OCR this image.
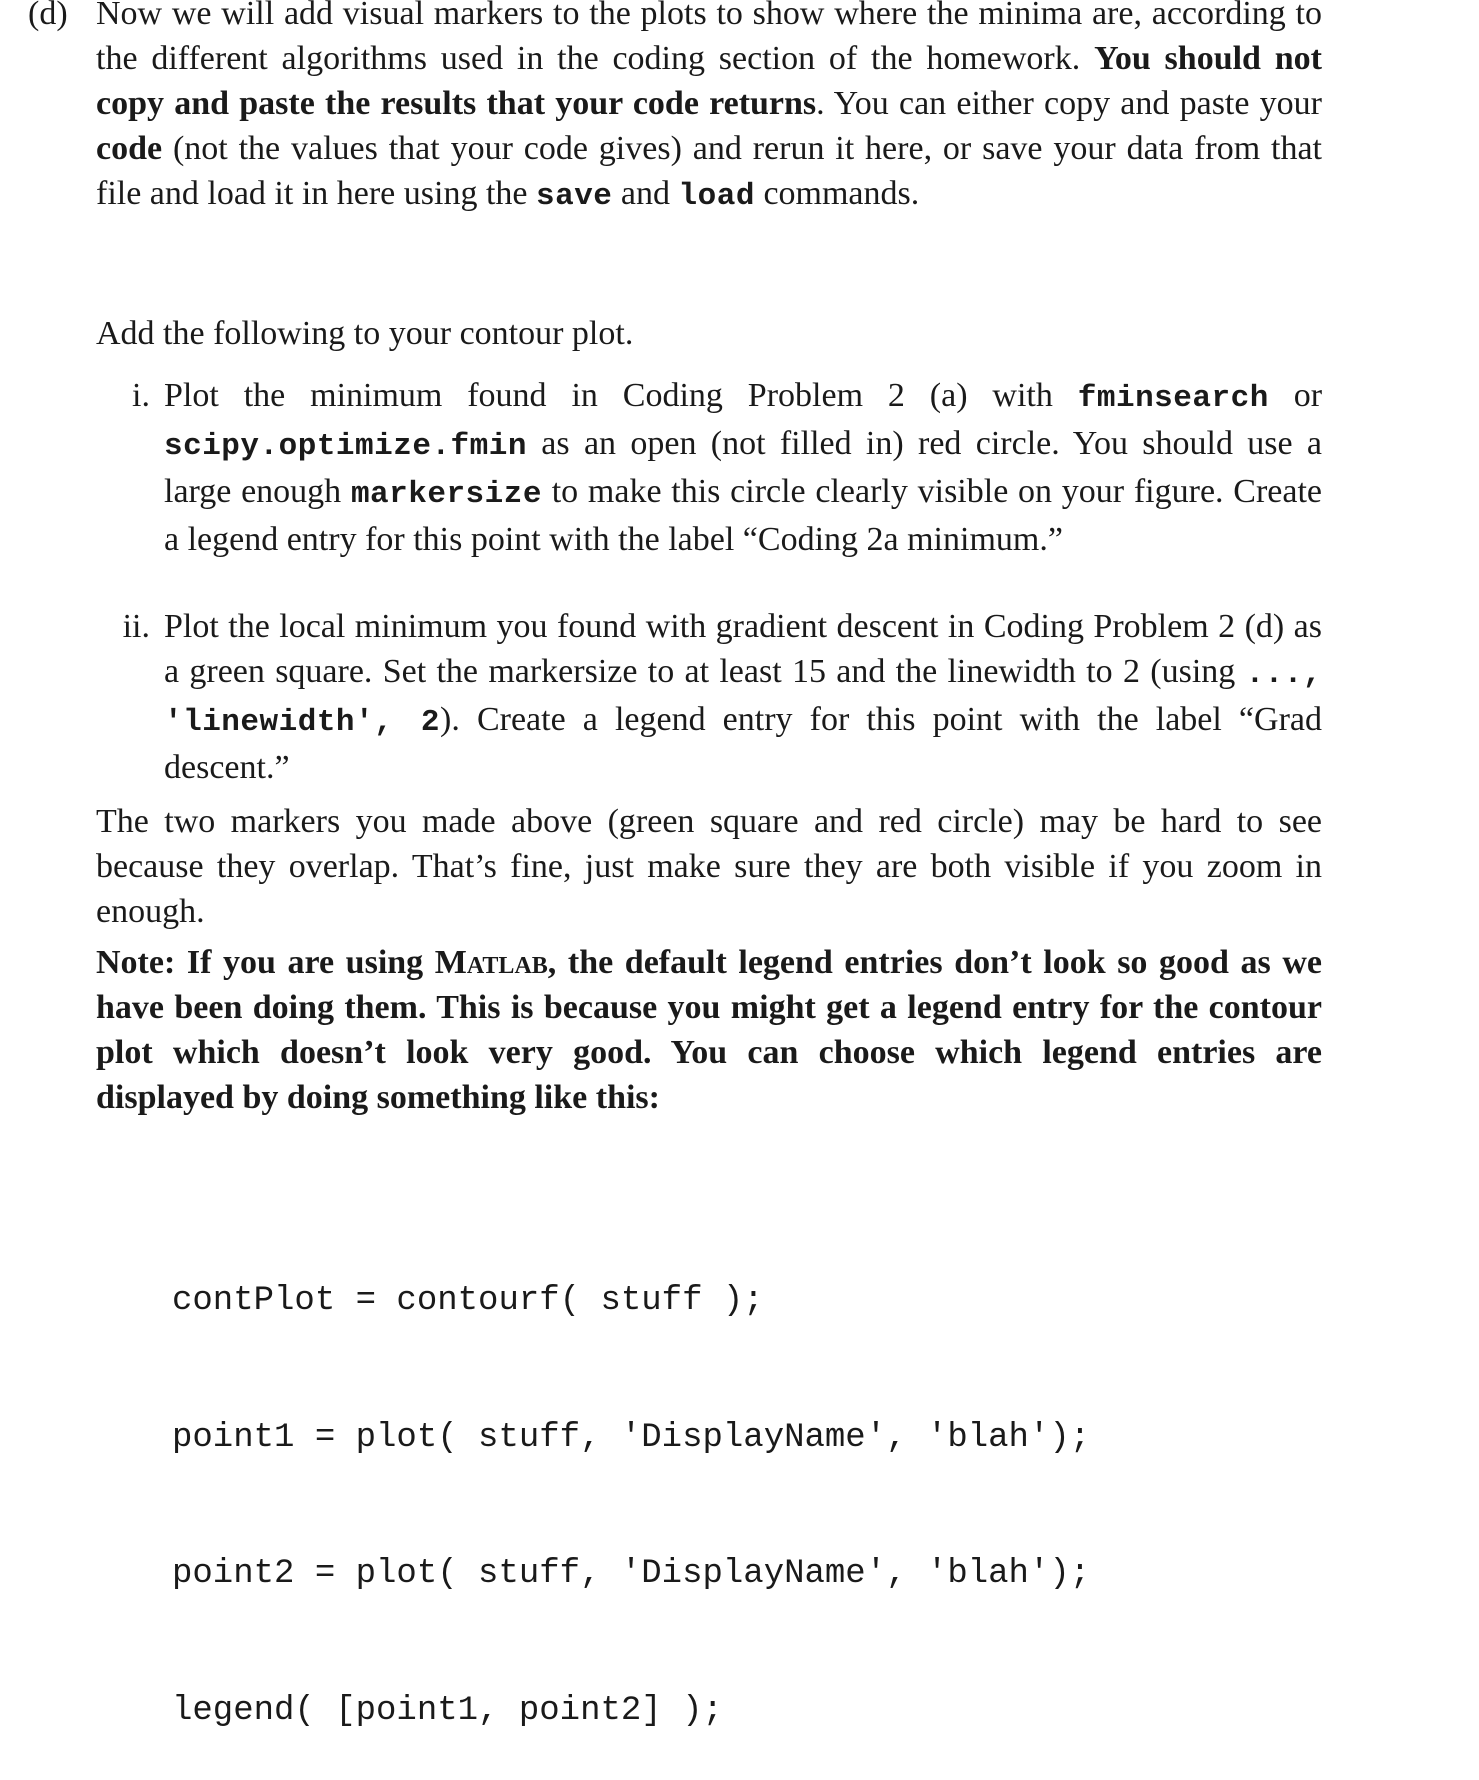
(d) Now we will add visual markers to the plots to show where the minima are, according to the different algorithms used in the coding section of the homework. You should not copy and paste the results that your code returns. You can either copy and paste your code (not the values that your code gives) and rerun it here, or save your data from that file and load it in here using the save and load commands.
Add the following to your contour plot.
i. Plot the minimum found in Coding Problem 2 (a) with fminsearch or scipy.optimize.fmin as an open (not filled in) red circle. You should use a large enough markersize to make this circle clearly visible on your figure. Create a legend entry for this point with the label “Coding 2a minimum.”
ii. Plot the local minimum you found with gradient descent in Coding Problem 2 (d) as a green square. Set the markersize to at least 15 and the linewidth to 2 (using ..., 'linewidth', 2). Create a legend entry for this point with the label “Grad descent.”
The two markers you made above (green square and red circle) may be hard to see because they overlap. That’s fine, just make sure they are both visible if you zoom in enough.
Note: If you are using Matlab, the default legend entries don’t look so good as we have been doing them. This is because you might get a legend entry for the contour plot which doesn’t look very good. You can choose which legend entries are displayed by doing something like this:

contPlot = contourf( stuff );

point1 = plot( stuff, 'DisplayName', 'blah');

point2 = plot( stuff, 'DisplayName', 'blah');

legend( [point1, point2] );
